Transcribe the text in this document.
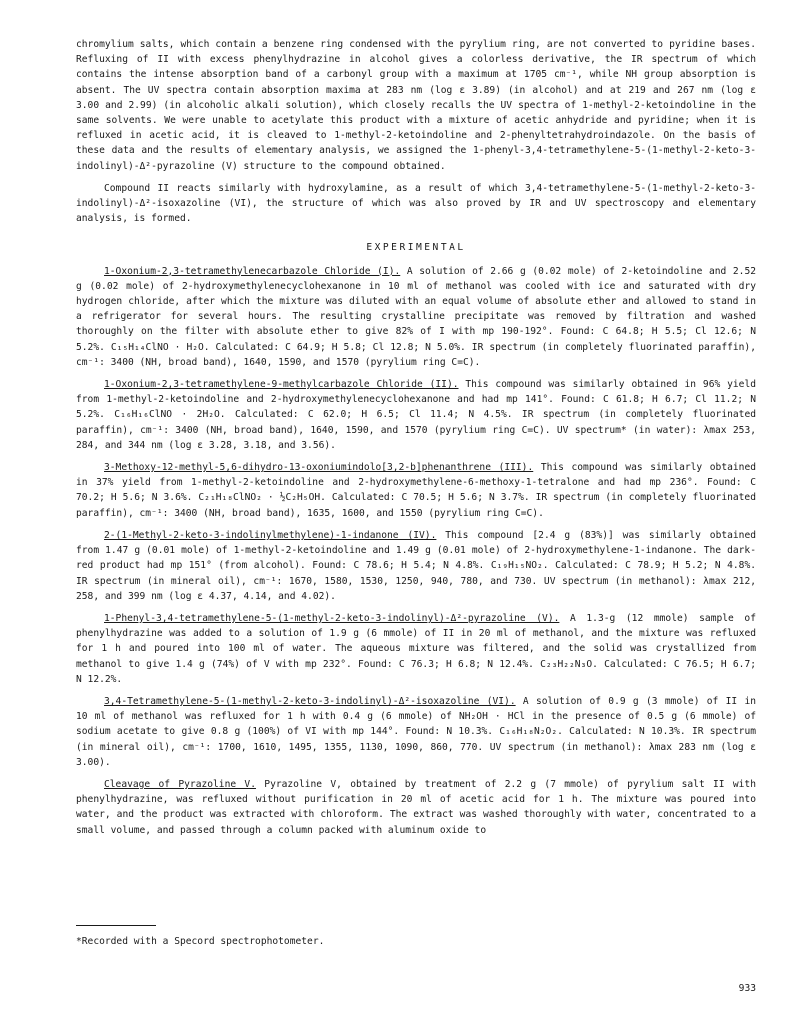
chromylium salts, which contain a benzene ring condensed with the pyrylium ring, are not converted to pyridine bases. Refluxing of II with excess phenylhydrazine in alcohol gives a colorless derivative, the IR spectrum of which contains the intense absorption band of a carbonyl group with a maximum at 1705 cm⁻¹, while NH group absorption is absent. The UV spectra contain absorption maxima at 283 nm (log ε 3.89) (in alcohol) and at 219 and 267 nm (log ε 3.00 and 2.99) (in alcoholic alkali solution), which closely recalls the UV spectra of 1-methyl-2-ketoindoline in the same solvents. We were unable to acetylate this product with a mixture of acetic anhydride and pyridine; when it is refluxed in acetic acid, it is cleaved to 1-methyl-2-ketoindoline and 2-phenyltetrahydroindazole. On the basis of these data and the results of elementary analysis, we assigned the 1-phenyl-3,4-tetramethylene-5-(1-methyl-2-keto-3-indolinyl)-Δ²-pyrazoline (V) structure to the compound obtained.

Compound II reacts similarly with hydroxylamine, as a result of which 3,4-tetramethylene-5-(1-methyl-2-keto-3-indolinyl)-Δ²-isoxazoline (VI), the structure of which was also proved by IR and UV spectroscopy and elementary analysis, is formed.

EXPERIMENTAL

1-Oxonium-2,3-tetramethylenecarbazole Chloride (I). A solution of 2.66 g (0.02 mole) of 2-ketoindoline and 2.52 g (0.02 mole) of 2-hydroxymethylenecyclohexanone in 10 ml of methanol was cooled with ice and saturated with dry hydrogen chloride, after which the mixture was diluted with an equal volume of absolute ether and allowed to stand in a refrigerator for several hours. The resulting crystalline precipitate was removed by filtration and washed thoroughly on the filter with absolute ether to give 82% of I with mp 190-192°. Found: C 64.8; H 5.5; Cl 12.6; N 5.2%. C₁₅H₁₄ClNO · H₂O. Calculated: C 64.9; H 5.8; Cl 12.8; N 5.0%. IR spectrum (in completely fluorinated paraffin), cm⁻¹: 3400 (NH, broad band), 1640, 1590, and 1570 (pyrylium ring C=C).

1-Oxonium-2,3-tetramethylene-9-methylcarbazole Chloride (II). This compound was similarly obtained in 96% yield from 1-methyl-2-ketoindoline and 2-hydroxymethylenecyclohexanone and had mp 141°. Found: C 61.8; H 6.7; Cl 11.2; N 5.2%. C₁₆H₁₆ClNO · 2H₂O. Calculated: C 62.0; H 6.5; Cl 11.4; N 4.5%. IR spectrum (in completely fluorinated paraffin), cm⁻¹: 3400 (NH, broad band), 1640, 1590, and 1570 (pyrylium ring C=C). UV spectrum* (in water): λmax 253, 284, and 344 nm (log ε 3.28, 3.18, and 3.56).

3-Methoxy-12-methyl-5,6-dihydro-13-oxoniumindolo[3,2-b]phenanthrene (III). This compound was similarly obtained in 37% yield from 1-methyl-2-ketoindoline and 2-hydroxymethylene-6-methoxy-1-tetralone and had mp 236°. Found: C 70.2; H 5.6; N 3.6%. C₂₁H₁₈ClNO₂ · ½C₂H₅OH. Calculated: C 70.5; H 5.6; N 3.7%. IR spectrum (in completely fluorinated paraffin), cm⁻¹: 3400 (NH, broad band), 1635, 1600, and 1550 (pyrylium ring C=C).

2-(1-Methyl-2-keto-3-indolinylmethylene)-1-indanone (IV). This compound [2.4 g (83%)] was similarly obtained from 1.47 g (0.01 mole) of 1-methyl-2-ketoindoline and 1.49 g (0.01 mole) of 2-hydroxymethylene-1-indanone. The dark-red product had mp 151° (from alcohol). Found: C 78.6; H 5.4; N 4.8%. C₁₉H₁₅NO₂. Calculated: C 78.9; H 5.2; N 4.8%. IR spectrum (in mineral oil), cm⁻¹: 1670, 1580, 1530, 1250, 940, 780, and 730. UV spectrum (in methanol): λmax 212, 258, and 399 nm (log ε 4.37, 4.14, and 4.02).

1-Phenyl-3,4-tetramethylene-5-(1-methyl-2-keto-3-indolinyl)-Δ²-pyrazoline (V). A 1.3-g (12 mmole) sample of phenylhydrazine was added to a solution of 1.9 g (6 mmole) of II in 20 ml of methanol, and the mixture was refluxed for 1 h and poured into 100 ml of water. The aqueous mixture was filtered, and the solid was crystallized from methanol to give 1.4 g (74%) of V with mp 232°. Found: C 76.3; H 6.8; N 12.4%. C₂₃H₂₂N₃O. Calculated: C 76.5; H 6.7; N 12.2%.

3,4-Tetramethylene-5-(1-methyl-2-keto-3-indolinyl)-Δ²-isoxazoline (VI). A solution of 0.9 g (3 mmole) of II in 10 ml of methanol was refluxed for 1 h with 0.4 g (6 mmole) of NH₂OH · HCl in the presence of 0.5 g (6 mmole) of sodium acetate to give 0.8 g (100%) of VI with mp 144°. Found: N 10.3%. C₁₆H₁₈N₂O₂. Calculated: N 10.3%. IR spectrum (in mineral oil), cm⁻¹: 1700, 1610, 1495, 1355, 1130, 1090, 860, 770. UV spectrum (in methanol): λmax 283 nm (log ε 3.00).

Cleavage of Pyrazoline V. Pyrazoline V, obtained by treatment of 2.2 g (7 mmole) of pyrylium salt II with phenylhydrazine, was refluxed without purification in 20 ml of acetic acid for 1 h. The mixture was poured into water, and the product was extracted with chloroform. The extract was washed thoroughly with water, concentrated to a small volume, and passed through a column packed with aluminum oxide to

*Recorded with a Specord spectrophotometer.
933
